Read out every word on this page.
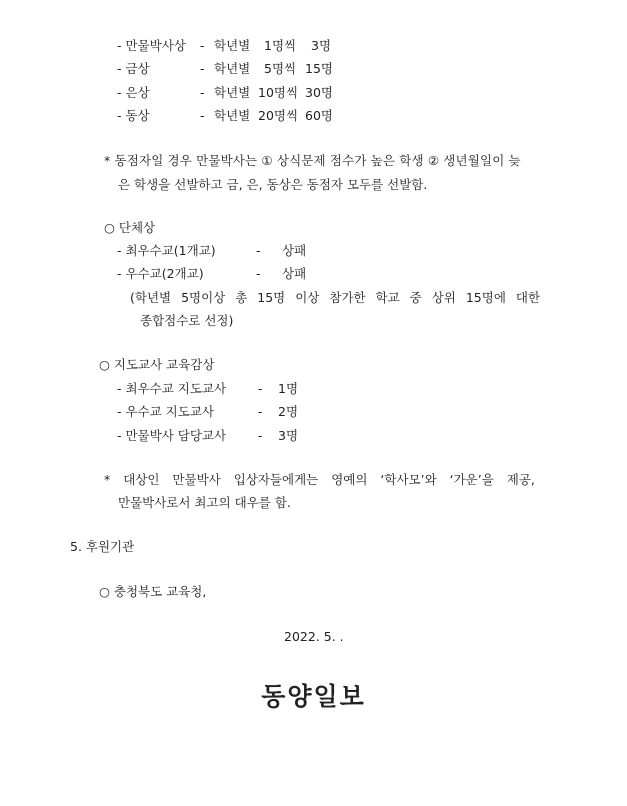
- 만물박사상 - 학년별 1명씩 3명
- 금상	- 학년별 5명씩 15명
- 은상	- 학년별 10명씩 30명
- 동상	- 학년별 20명씩 60명
* 동점자일 경우 만물박사는 ① 상식문제 점수가 높은 학생 ② 생년월일이 늦
은 학생을 선발하고 금, 은, 동상은 동점자 모두를 선발함.
○ 단체상
- 최우수교(1개교)	- 상패
- 우수교(2개교)	- 상패
(학년별 5명이상 총 15명 이상 참가한 학교 중 상위 15명에 대한
종합점수로 선정)
○ 지도교사 교육감상
- 최우수교 지도교사	- 1명
- 우수교 지도교사	- 2명
- 만물박사 담당교사	- 3명
* 대상인 만물박사 입상자들에게는 영예의 ‘학사모’와 ‘가운’을 제공,
만물박사로서 최고의 대우를 함.
5. 후원기관
○ 충청북도 교육청,
2022. 5. .
동양일보
